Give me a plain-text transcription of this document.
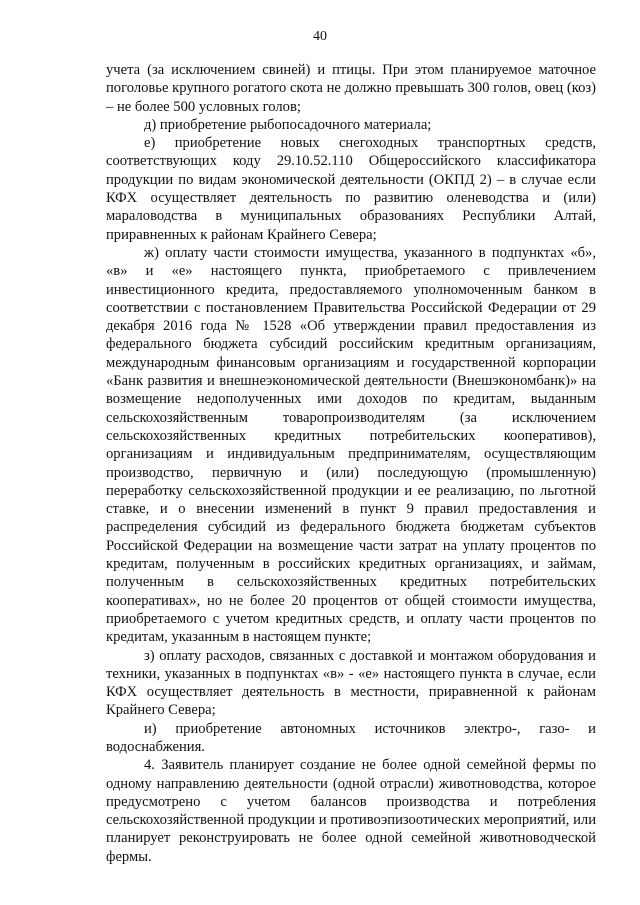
40

учета (за исключением свиней) и птицы. При этом планируемое маточное поголовье крупного рогатого скота не должно превышать 300 голов, овец (коз) – не более 500 условных голов;

д) приобретение рыбопосадочного материала;

е) приобретение новых снегоходных транспортных средств, соответствующих коду 29.10.52.110 Общероссийского классификатора продукции по видам экономической деятельности (ОКПД 2) – в случае если КФХ осуществляет деятельность по развитию оленеводства и (или) мараловодства в муниципальных образованиях Республики Алтай, приравненных к районам Крайнего Севера;

ж) оплату части стоимости имущества, указанного в подпунктах «б», «в» и «е» настоящего пункта, приобретаемого с привлечением инвестиционного кредита, предоставляемого уполномоченным банком в соответствии с постановлением Правительства Российской Федерации от 29 декабря 2016 года № 1528 «Об утверждении правил предоставления из федерального бюджета субсидий российским кредитным организациям, международным финансовым организациям и государственной корпорации «Банк развития и внешнеэкономической деятельности (Внешэкономбанк)» на возмещение недополученных ими доходов по кредитам, выданным сельскохозяйственным товаропроизводителям (за исключением сельскохозяйственных кредитных потребительских кооперативов), организациям и индивидуальным предпринимателям, осуществляющим производство, первичную и (или) последующую (промышленную) переработку сельскохозяйственной продукции и ее реализацию, по льготной ставке, и о внесении изменений в пункт 9 правил предоставления и распределения субсидий из федерального бюджета бюджетам субъектов Российской Федерации на возмещение части затрат на уплату процентов по кредитам, полученным в российских кредитных организациях, и займам, полученным в сельскохозяйственных кредитных потребительских кооперативах», но не более 20 процентов от общей стоимости имущества, приобретаемого с учетом кредитных средств, и оплату части процентов по кредитам, указанным в настоящем пункте;

з) оплату расходов, связанных с доставкой и монтажом оборудования и техники, указанных в подпунктах «в» - «е» настоящего пункта в случае, если КФХ осуществляет деятельность в местности, приравненной к районам Крайнего Севера;

и) приобретение автономных источников электро-, газо- и водоснабжения.

4. Заявитель планирует создание не более одной семейной фермы по одному направлению деятельности (одной отрасли) животноводства, которое предусмотрено с учетом балансов производства и потребления сельскохозяйственной продукции и противоэпизоотических мероприятий, или планирует реконструировать не более одной семейной животноводческой фермы.
